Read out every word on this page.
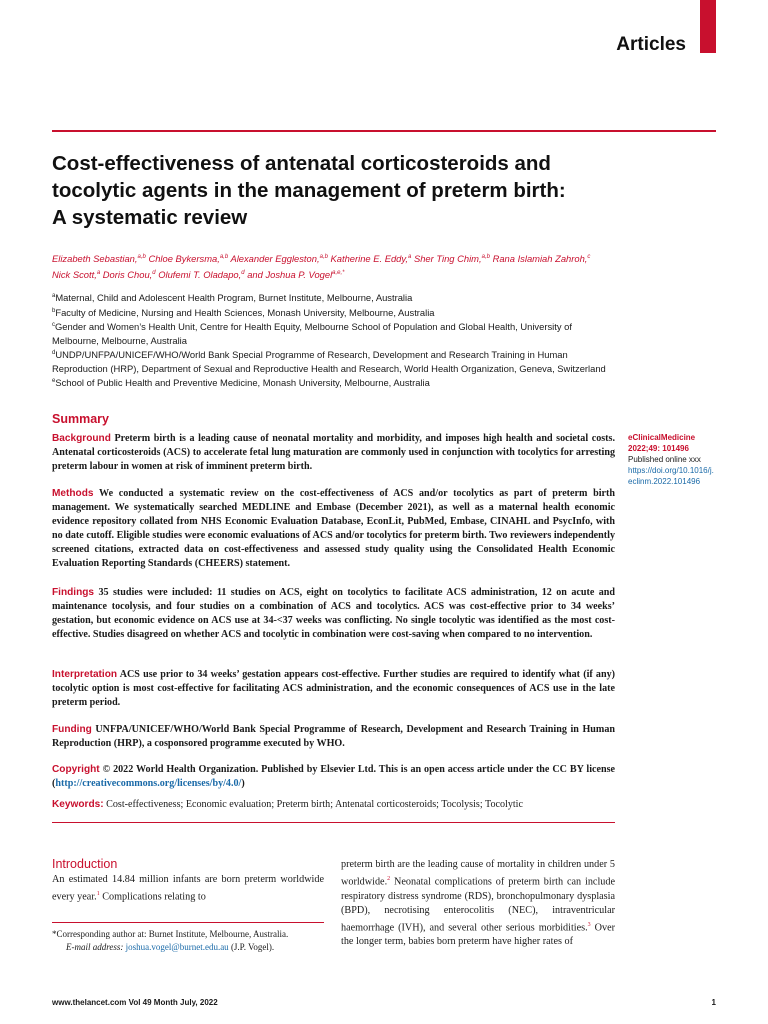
Articles
Cost-effectiveness of antenatal corticosteroids and
tocolytic agents in the management of preterm birth:
A systematic review
Elizabeth Sebastian,$^{a,b}$ Chloe Bykersma,$^{a,b}$ Alexander Eggleston,$^{a,b}$ Katherine E. Eddy,$^a$ Sher Ting Chim,$^{a,b}$ Rana Islamiah Zahroh,$^c$
Nick Scott,$^a$ Doris Chou,$^d$ Olufemi T. Oladapo,$^d$ and Joshua P. Vogel$^{a,e,*}$
$^a$Maternal, Child and Adolescent Health Program, Burnet Institute, Melbourne, Australia
$^b$Faculty of Medicine, Nursing and Health Sciences, Monash University, Melbourne, Australia
$^c$Gender and Women’s Health Unit, Centre for Health Equity, Melbourne School of Population and Global Health, University of Melbourne, Melbourne, Australia
$^d$UNDP/UNFPA/UNICEF/WHO/World Bank Special Programme of Research, Development and Research Training in Human Reproduction (HRP), Department of Sexual and Reproductive Health and Research, World Health Organization, Geneva, Switzerland
$^e$School of Public Health and Preventive Medicine, Monash University, Melbourne, Australia
Summary

Background Preterm birth is a leading cause of neonatal mortality and morbidity, and imposes high health and societal costs. Antenatal corticosteroids (ACS) to accelerate fetal lung maturation are commonly used in conjunction with tocolytics for arresting preterm labour in women at risk of imminent preterm birth.

Methods We conducted a systematic review on the cost-effectiveness of ACS and/or tocolytics as part of preterm birth management. We systematically searched MEDLINE and Embase (December 2021), as well as a maternal health economic evidence repository collated from NHS Economic Evaluation Database, EconLit, PubMed, Embase, CINAHL and PsycInfo, with no date cutoff. Eligible studies were economic evaluations of ACS and/or tocolytics for preterm birth. Two reviewers independently screened citations, extracted data on cost-effectiveness and assessed study quality using the Consolidated Health Economic Evaluation Reporting Standards (CHEERS) statement.

Findings 35 studies were included: 11 studies on ACS, eight on tocolytics to facilitate ACS administration, 12 on acute and maintenance tocolysis, and four studies on a combination of ACS and tocolytics. ACS was cost-effective prior to 34 weeks’ gestation, but economic evidence on ACS use at 34-<37 weeks was conflicting. No single tocolytic was identified as the most cost-effective. Studies disagreed on whether ACS and tocolytic in combination were cost-saving when compared to no intervention.

Interpretation ACS use prior to 34 weeks’ gestation appears cost-effective. Further studies are required to identify what (if any) tocolytic option is most cost-effective for facilitating ACS administration, and the economic consequences of ACS use in the late preterm period.

Funding UNFPA/UNICEF/WHO/World Bank Special Programme of Research, Development and Research Training in Human Reproduction (HRP), a cosponsored programme executed by WHO.

Copyright © 2022 World Health Organization. Published by Elsevier Ltd. This is an open access article under the CC BY license (http://creativecommons.org/licenses/by/4.0/)

Keywords: Cost-effectiveness; Economic evaluation; Preterm birth; Antenatal corticosteroids; Tocolysis; Tocolytic

eClinicalMedicine
2022;49: 101496
Published online xxx
https://doi.org/10.1016/j.
eclinm.2022.101496
Introduction

An estimated 14.84 million infants are born preterm worldwide every year.$^1$ Complications relating to

preterm birth are the leading cause of mortality in children under 5 worldwide.$^2$ Neonatal complications of preterm birth can include respiratory distress syndrome (RDS), bronchopulmonary dysplasia (BPD), necrotising enterocolitis (NEC), intraventricular haemorrhage (IVH), and several other serious morbidities.$^3$ Over the longer term, babies born preterm have higher rates of

*Corresponding author at: Burnet Institute, Melbourne, Australia.
E-mail address: joshua.vogel@burnet.edu.au (J.P. Vogel).
www.thelancet.com Vol 49 Month July, 2022	1
